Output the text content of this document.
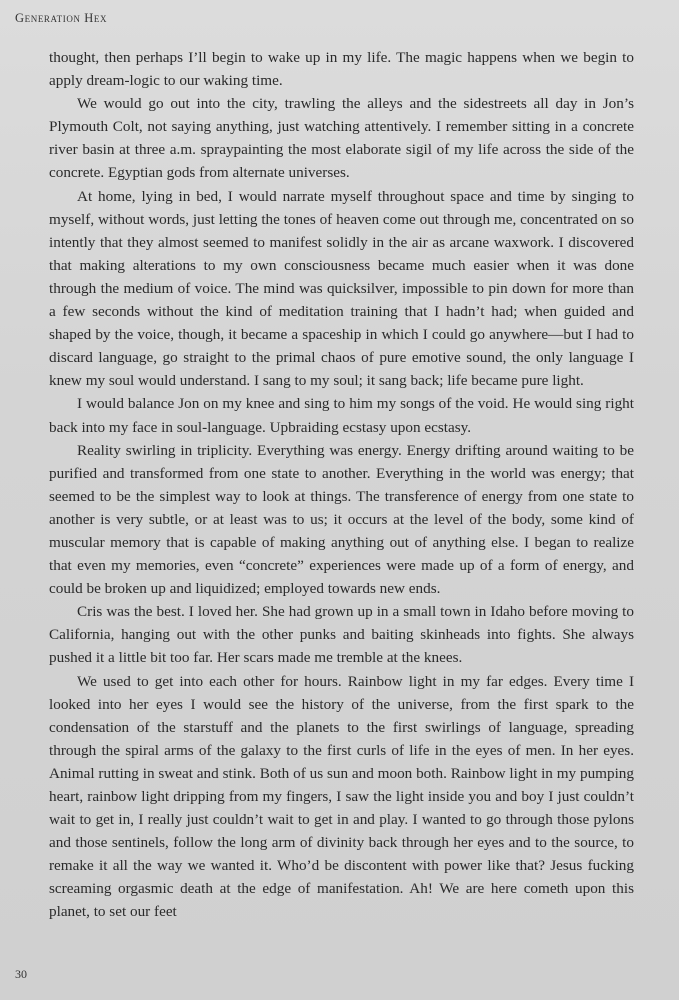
Generation Hex

thought, then perhaps I’ll begin to wake up in my life. The magic happens when we begin to apply dream-logic to our waking time.

We would go out into the city, trawling the alleys and the sidestreets all day in Jon’s Plymouth Colt, not saying anything, just watching attentively. I remember sitting in a concrete river basin at three a.m. spraypainting the most elaborate sigil of my life across the side of the concrete. Egyptian gods from alternate universes.

At home, lying in bed, I would narrate myself throughout space and time by singing to myself, without words, just letting the tones of heaven come out through me, concentrated on so intently that they almost seemed to manifest solidly in the air as arcane waxwork. I discovered that making alterations to my own consciousness became much easier when it was done through the medium of voice. The mind was quicksilver, impossible to pin down for more than a few seconds without the kind of meditation training that I hadn’t had; when guided and shaped by the voice, though, it became a spaceship in which I could go anywhere—but I had to discard language, go straight to the primal chaos of pure emotive sound, the only language I knew my soul would understand. I sang to my soul; it sang back; life became pure light.

I would balance Jon on my knee and sing to him my songs of the void. He would sing right back into my face in soul-language. Upbraiding ecstasy upon ecstasy.

Reality swirling in triplicity. Everything was energy. Energy drifting around waiting to be purified and transformed from one state to another. Everything in the world was energy; that seemed to be the simplest way to look at things. The transference of energy from one state to another is very subtle, or at least was to us; it occurs at the level of the body, some kind of muscular memory that is capable of making anything out of anything else. I began to realize that even my memories, even “concrete” experiences were made up of a form of energy, and could be broken up and liquidized; employed towards new ends.

Cris was the best. I loved her. She had grown up in a small town in Idaho before moving to California, hanging out with the other punks and baiting skinheads into fights. She always pushed it a little bit too far. Her scars made me tremble at the knees.

We used to get into each other for hours. Rainbow light in my far edges. Every time I looked into her eyes I would see the history of the universe, from the first spark to the condensation of the starstuff and the planets to the first swirlings of language, spreading through the spiral arms of the galaxy to the first curls of life in the eyes of men. In her eyes. Animal rutting in sweat and stink. Both of us sun and moon both. Rainbow light in my pumping heart, rainbow light dripping from my fingers, I saw the light inside you and boy I just couldn’t wait to get in, I really just couldn’t wait to get in and play. I wanted to go through those pylons and those sentinels, follow the long arm of divinity back through her eyes and to the source, to remake it all the way we wanted it. Who’d be discontent with power like that? Jesus fucking screaming orgasmic death at the edge of manifestation. Ah! We are here cometh upon this planet, to set our feet

30
